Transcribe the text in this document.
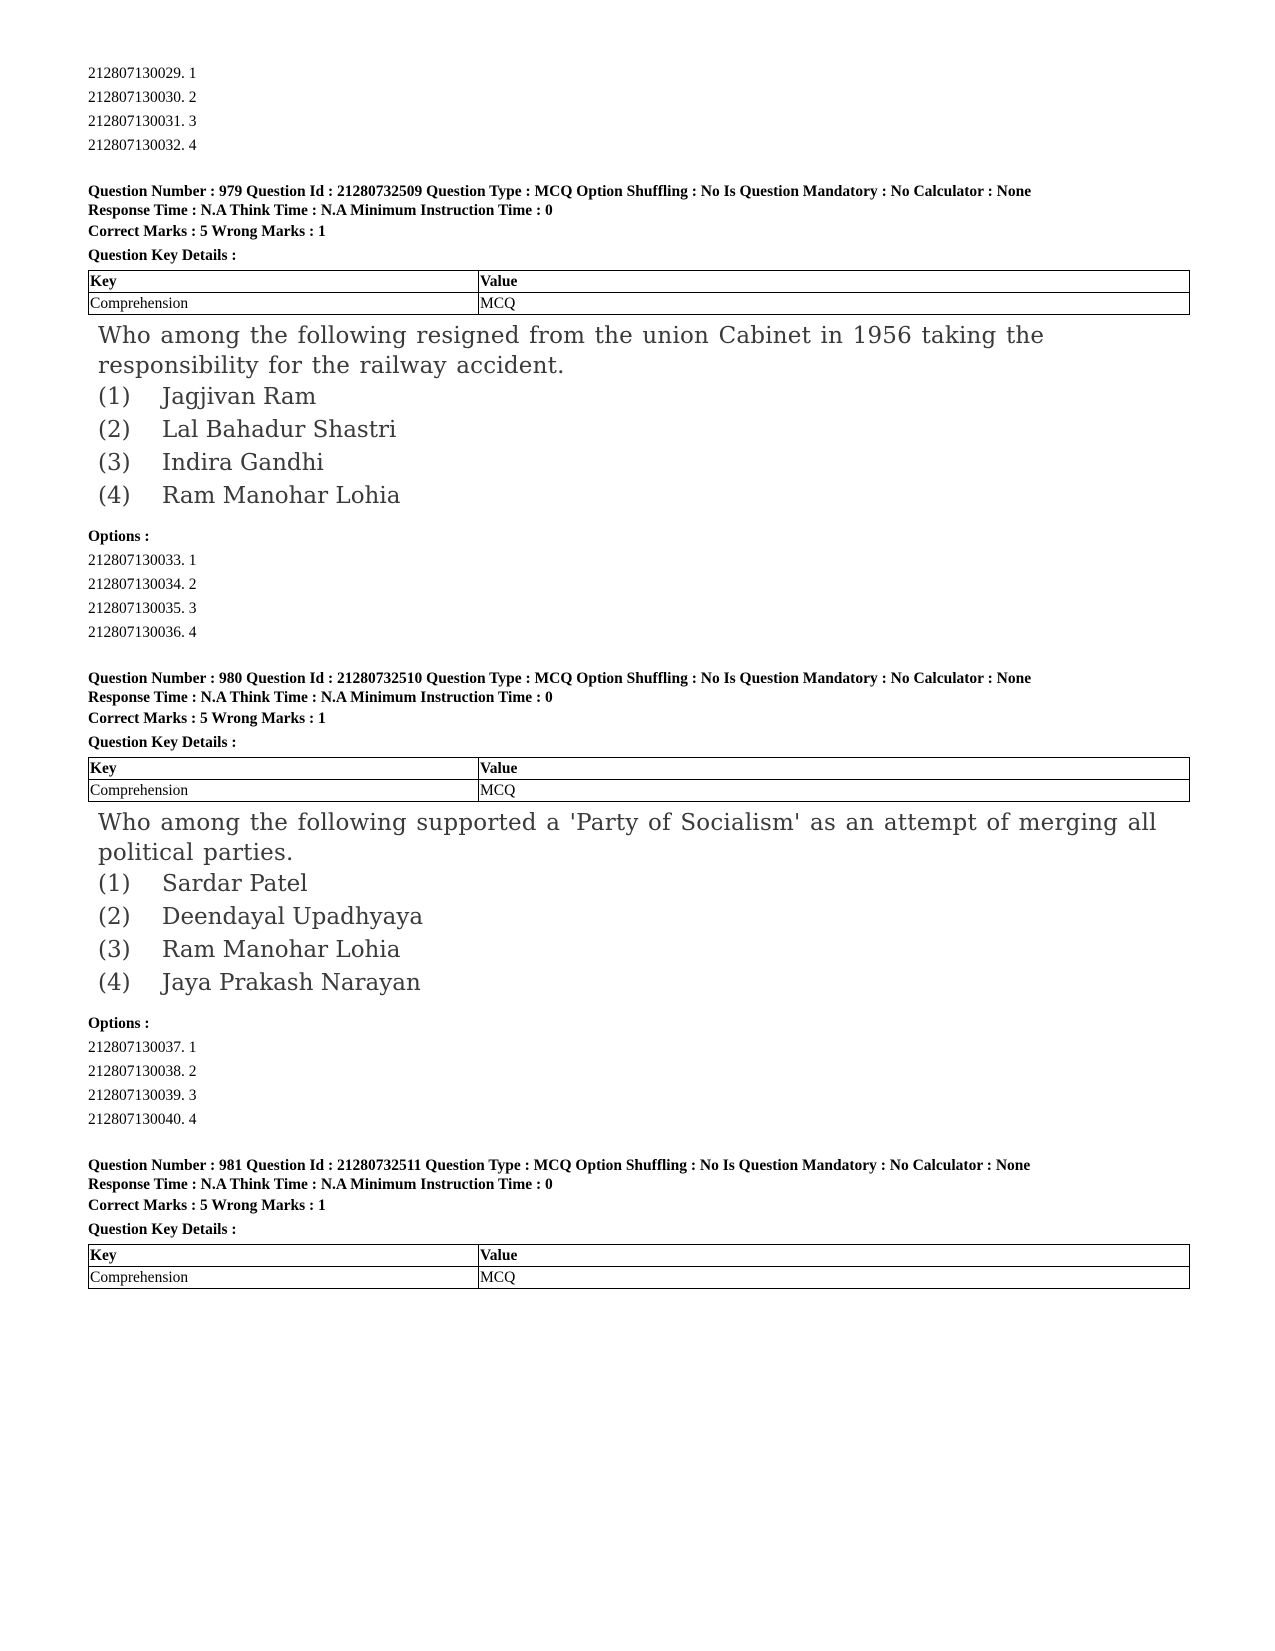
212807130029. 1
212807130030. 2
212807130031. 3
212807130032. 4
Question Number : 979 Question Id : 21280732509 Question Type : MCQ Option Shuffling : No Is Question Mandatory : No Calculator : None
Response Time : N.A Think Time : N.A Minimum Instruction Time : 0
Correct Marks : 5 Wrong Marks : 1
Question Key Details :
Key	Value
Comprehension	MCQ
Who among the following resigned from the union Cabinet in 1956 taking the responsibility for the railway accident.
(1)	Jagjivan Ram
(2)	Lal Bahadur Shastri
(3)	Indira Gandhi
(4)	Ram Manohar Lohia
Options :
212807130033. 1
212807130034. 2
212807130035. 3
212807130036. 4
Question Number : 980 Question Id : 21280732510 Question Type : MCQ Option Shuffling : No Is Question Mandatory : No Calculator : None
Response Time : N.A Think Time : N.A Minimum Instruction Time : 0
Correct Marks : 5 Wrong Marks : 1
Question Key Details :
Key	Value
Comprehension	MCQ
Who among the following supported a 'Party of Socialism' as an attempt of merging all political parties.
(1)	Sardar Patel
(2)	Deendayal Upadhyaya
(3)	Ram Manohar Lohia
(4)	Jaya Prakash Narayan
Options :
212807130037. 1
212807130038. 2
212807130039. 3
212807130040. 4
Question Number : 981 Question Id : 21280732511 Question Type : MCQ Option Shuffling : No Is Question Mandatory : No Calculator : None
Response Time : N.A Think Time : N.A Minimum Instruction Time : 0
Correct Marks : 5 Wrong Marks : 1
Question Key Details :
Key	Value
Comprehension	MCQ
